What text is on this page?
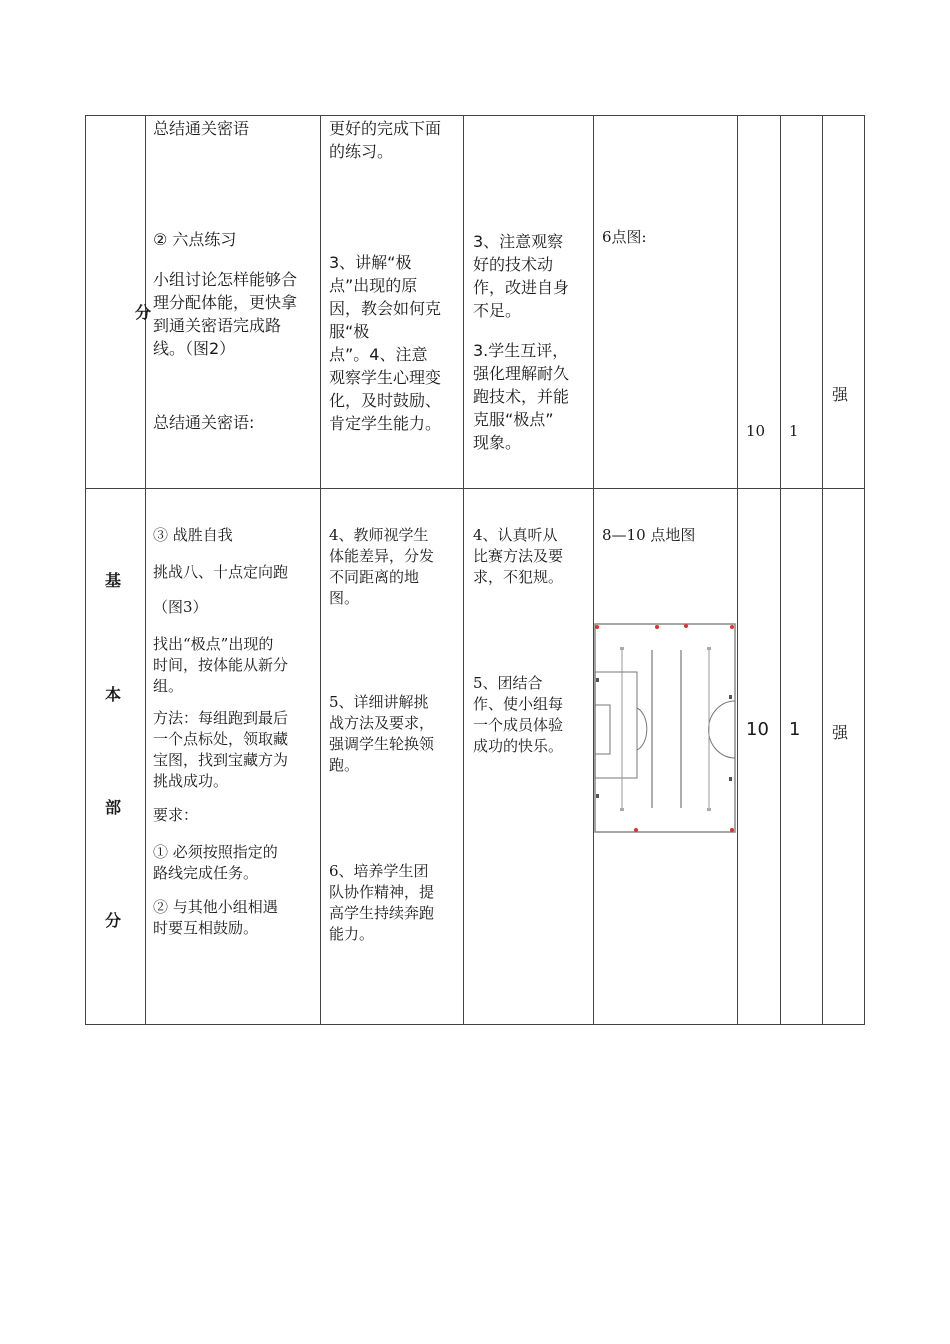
分
总结通关密语
② 六点练习
小组讨论怎样能够合
理分配体能，更快拿
到通关密语完成路
线。（图2）
总结通关密语:
更好的完成下面
的练习。
3、讲解“极
点”出现的原
因，教会如何克
服“极
点”。4、注意
观察学生心理变
化，及时鼓励、
肯定学生能力。
3、注意观察
好的技术动
作，改进自身
不足。
3.学生互评，
强化理解耐久
跑技术，并能
克服“极点”
现象。
6点图:
10 1
强
基
本
部
分
③ 战胜自我
挑战八、十点定向跑
（图3）
找出“极点”出现的
时间，按体能从新分
组。
方法：每组跑到最后
一个点标处，领取藏
宝图，找到宝藏方为
挑战成功。
要求：
① 必须按照指定的
路线完成任务。
② 与其他小组相遇
时要互相鼓励。
4、教师视学生
体能差异，分发
不同距离的地
图。
5、详细讲解挑
战方法及要求，
强调学生轮换领
跑。
6、培养学生团
队协作精神，提
高学生持续奔跑
能力。
4、认真听从
比赛方法及要
求，不犯规。
5、团结合
作、使小组每
一个成员体验
成功的快乐。
8—10 点地图
10 1 强
